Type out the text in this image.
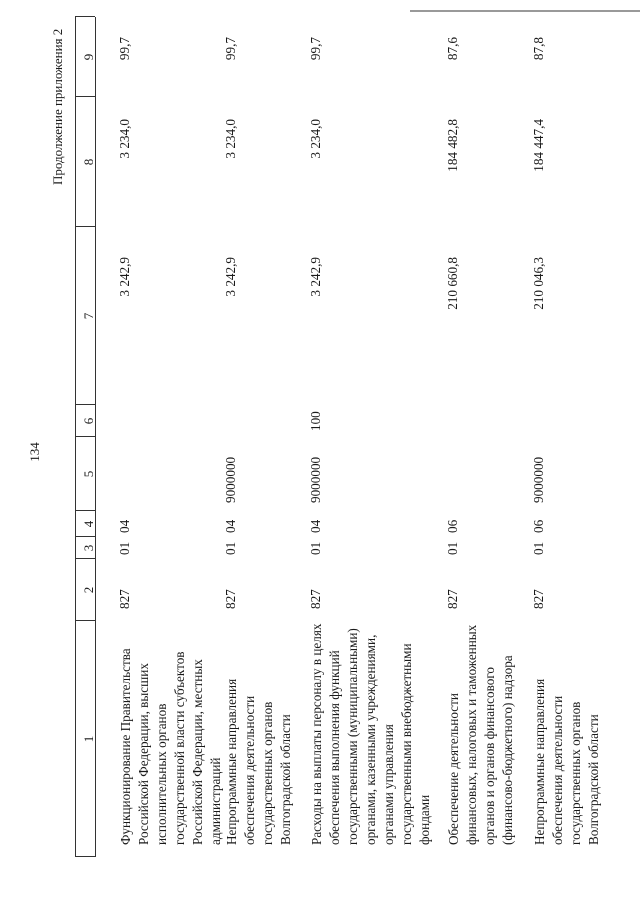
134
Продолжение приложения 2
1
2
3
4
5
6
7
8
9
Функционирование Правительства Российской Федерации, высших исполнительных органов государственной власти субъектов Российской Федерации, местных администраций
827
01
04
3 242,9
3 234,0
99,7
Непрограммные направления обеспечения деятельности государственных органов Волгоградской области
827
01
04
9000000
3 242,9
3 234,0
99,7
Расходы на выплаты персоналу в целях обеспечения выполнения функций государственными (муниципальными) органами, казенными учреждениями, органами управления государственными внебюджетными фондами
827
01
04
9000000
100
3 242,9
3 234,0
99,7
Обеспечение деятельности финансовых, налоговых и таможенных органов и органов финансового (финансово-бюджетного) надзора
827
01
06
210 660,8
184 482,8
87,6
Непрограммные направления обеспечения деятельности государственных органов Волгоградской области
827
01
06
9000000
210 046,3
184 447,4
87,8
